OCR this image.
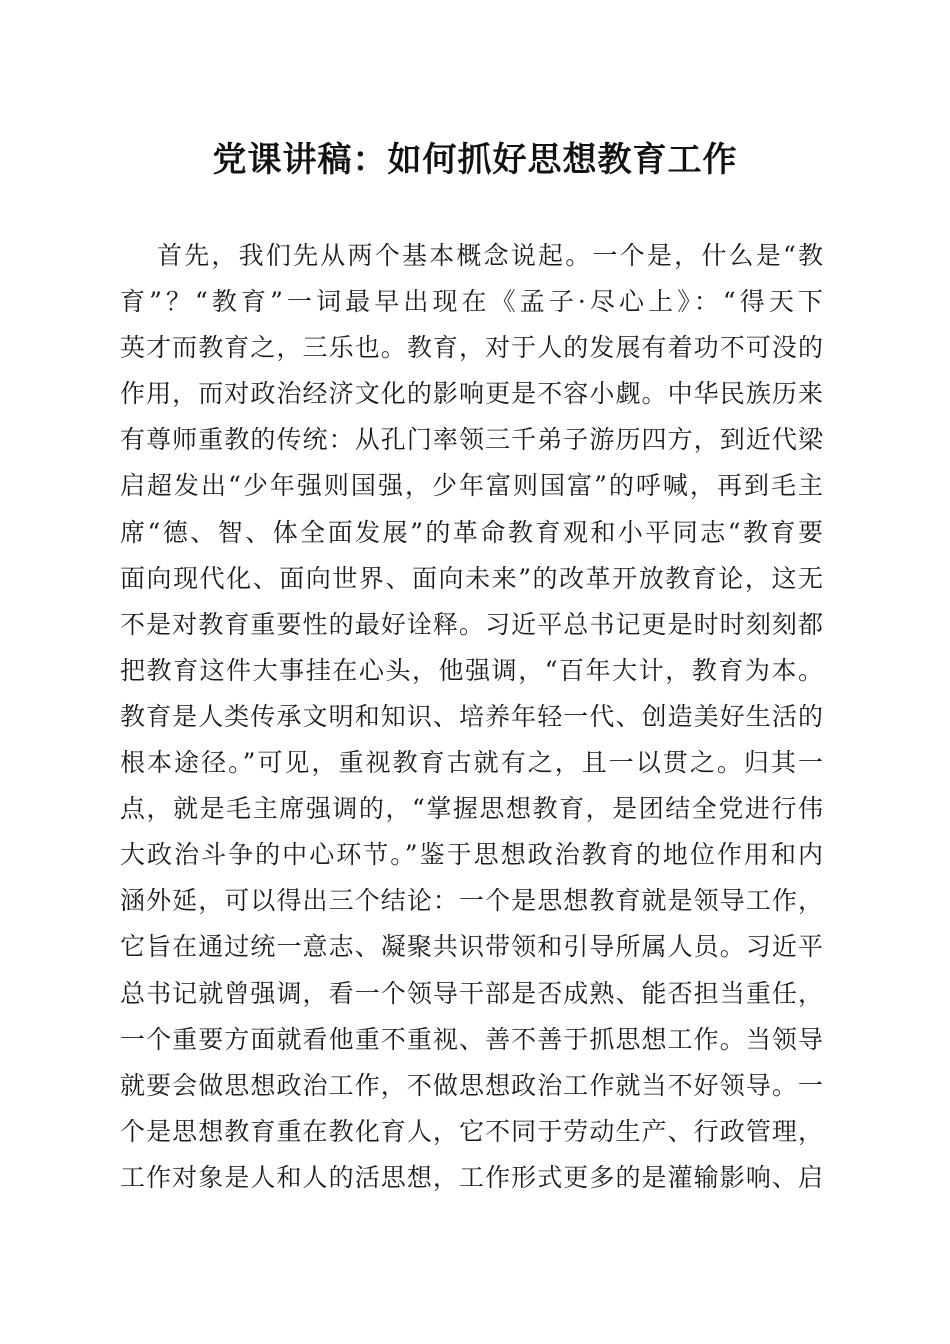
党课讲稿：如何抓好思想教育工作
首先，我们先从两个基本概念说起。一个是，什么是“教
育”？“教育”一词最早出现在《孟子·尽心上》：“得天下
英才而教育之，三乐也。教育，对于人的发展有着功不可没的
作用，而对政治经济文化的影响更是不容小觑。中华民族历来
有尊师重教的传统：从孔门率领三千弟子游历四方，到近代梁
启超发出“少年强则国强，少年富则国富”的呼喊，再到毛主
席“德、智、体全面发展”的革命教育观和小平同志“教育要
面向现代化、面向世界、面向未来”的改革开放教育论，这无
不是对教育重要性的最好诠释。习近平总书记更是时时刻刻都
把教育这件大事挂在心头，他强调，“百年大计，教育为本。
教育是人类传承文明和知识、培养年轻一代、创造美好生活的
根本途径。”可见，重视教育古就有之，且一以贯之。归其一
点，就是毛主席强调的，“掌握思想教育，是团结全党进行伟
大政治斗争的中心环节。”鉴于思想政治教育的地位作用和内
涵外延，可以得出三个结论：一个是思想教育就是领导工作，
它旨在通过统一意志、凝聚共识带领和引导所属人员。习近平
总书记就曾强调，看一个领导干部是否成熟、能否担当重任，
一个重要方面就看他重不重视、善不善于抓思想工作。当领导
就要会做思想政治工作，不做思想政治工作就当不好领导。一
个是思想教育重在教化育人，它不同于劳动生产、行政管理，
工作对象是人和人的活思想，工作形式更多的是灌输影响、启
